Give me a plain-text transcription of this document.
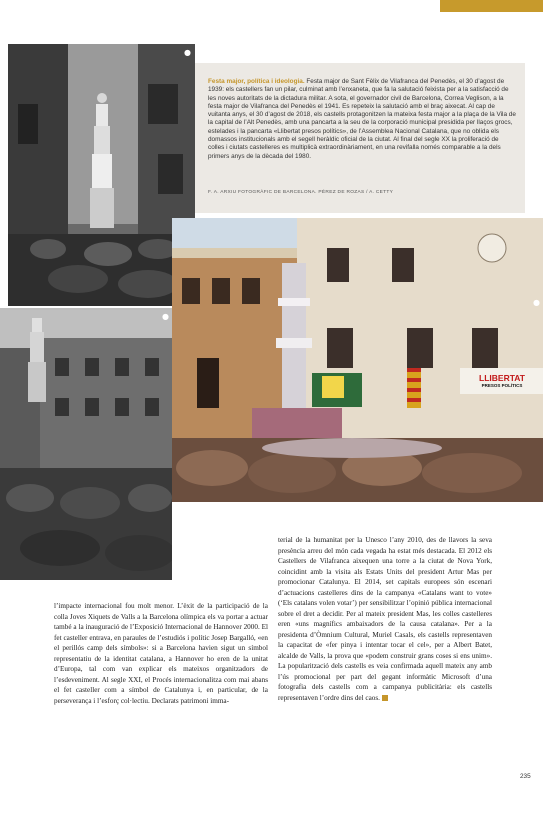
●
●
LLIBERTAT
PRESOS POLÍTICS
●
Festa major, política i ideologia. Festa major de Sant Fèlix de Vilafranca del Penedès, el 30 d’agost de 1939: els castellers fan un pilar, culminat amb l’enxaneta, que fa la salutació feixista per a la satisfacció de les noves autoritats de la dictadura militar. A sota, el governador civil de Barcelona, Correa Veglison, a la festa major de Vilafranca del Penedès el 1941. Es repeteix la salutació amb el braç aixecat. Al cap de vuitanta anys, el 30 d’agost de 2018, els castells protagonitzen la mateixa festa major a la plaça de la Vila de la capital de l’Alt Penedès, amb una pancarta a la seu de la corporació municipal presidida per llaços grocs, estelades i la pancarta «Llibertat presos polítics», de l’Assemblea Nacional Catalana, que no oblida els domassos institucionals amb el segell heràldic oficial de la ciutat. Al final del segle XX la proliferació de colles i ciutats castelleres es multiplicà extraordinàriament, en una revifalla només comparable a la dels primers anys de la dècada del 1980.
F. A. ARXIU FOTOGRÀFIC DE BARCELONA. PÉREZ DE ROZAS / A. CETTY
l’impacte internacional fou molt menor. L’èxit de la participació de la colla Joves Xiquets de Valls a la Barcelona olímpica els va portar a actuar també a la inauguració de l’Exposició Internacional de Hannover 2000. El fet casteller entrava, en paraules de l’estudiós i polític Josep Bargalló, «en el perillós camp dels símbols»: si a Barcelona havien sigut un símbol representatiu de la identitat catalana, a Hannover ho eren de la unitat d’Europa, tal com van explicar els mateixos organitzadors de l’esdeveniment. Al segle XXI, el Procés internacionalitza com mai abans el fet casteller com a símbol de Catalunya i, en particular, de la perseverança i l’esforç col·lectiu. Declarats patrimoni imma-
terial de la humanitat per la Unesco l’any 2010, des de llavors la seva presència arreu del món cada vegada ha estat més destacada. El 2012 els Castellers de Vilafranca aixequen una torre a la ciutat de Nova York, coincidint amb la visita als Estats Units del president Artur Mas per promocionar Catalunya. El 2014, set capitals europees són escenari d’actuacions castelleres dins de la campanya «Catalans want to vote» (‘Els catalans volen votar’) per sensibilitzar l’opinió pública internacional sobre el dret a decidir. Per al mateix president Mas, les colles castelleres eren «uns magnífics ambaixadors de la causa catalana». Per a la presidenta d’Òmnium Cultural, Muriel Casals, els castells representaven la capacitat de «fer pinya i intentar tocar el cel», per a Albert Batet, alcalde de Valls, la prova que «podem construir grans coses si ens unim». La popularització dels castells es veia confirmada aquell mateix any amb l’ús promocional per part del gegant informàtic Microsoft d’una fotografia dels castells com a campanya publicitària: els castells representaven l’ordre dins del caos.
235
